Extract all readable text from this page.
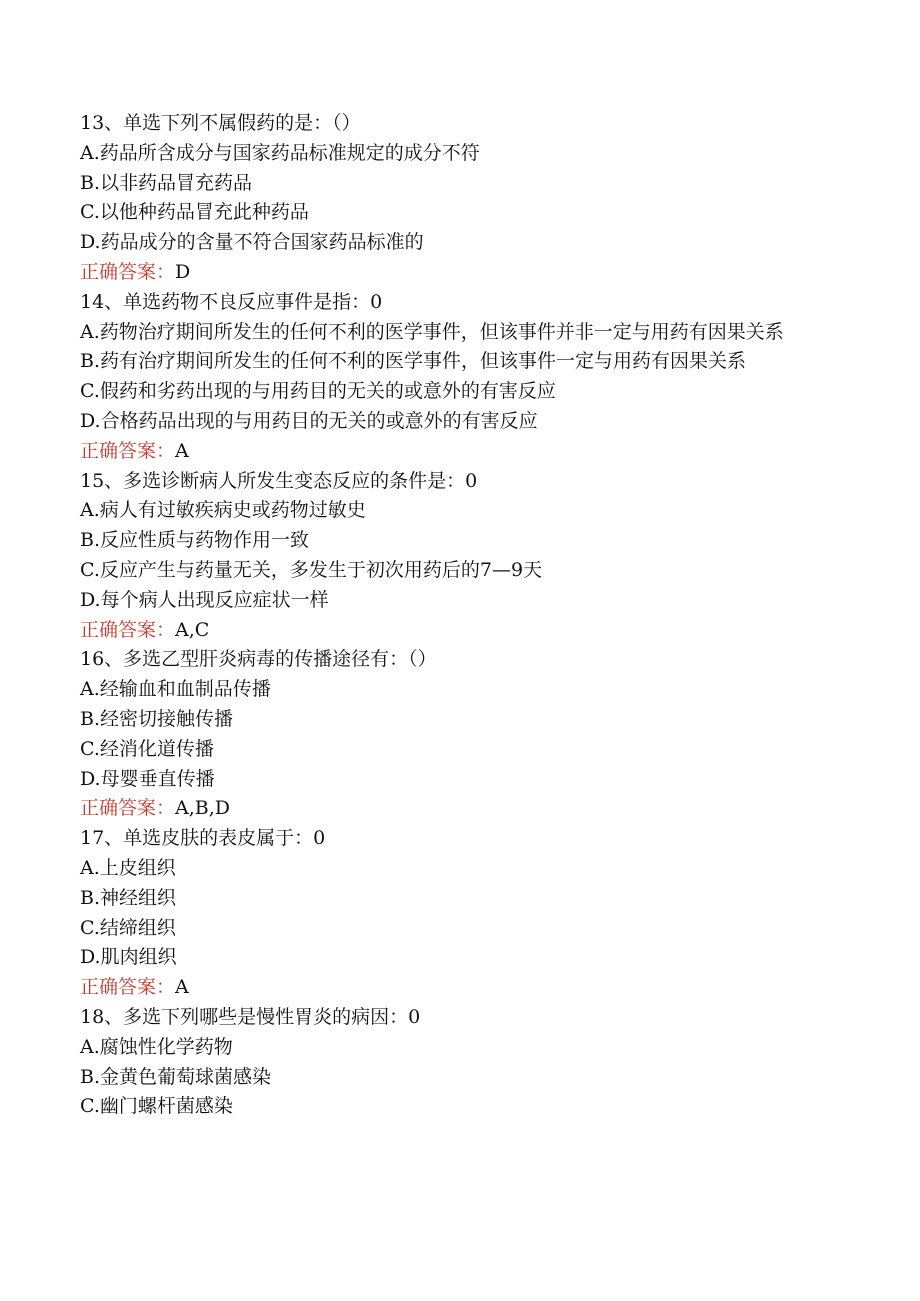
13、单选下列不属假药的是：（）
A.药品所含成分与国家药品标准规定的成分不符
B.以非药品冒充药品
C.以他种药品冒充此种药品
D.药品成分的含量不符合国家药品标准的
正确答案：D
14、单选药物不良反应事件是指：0
A.药物治疗期间所发生的任何不利的医学事件，但该事件并非一定与用药有因果关系
B.药有治疗期间所发生的任何不利的医学事件，但该事件一定与用药有因果关系
C.假药和劣药出现的与用药目的无关的或意外的有害反应
D.合格药品出现的与用药目的无关的或意外的有害反应
正确答案：A
15、多选诊断病人所发生变态反应的条件是：0
A.病人有过敏疾病史或药物过敏史
B.反应性质与药物作用一致
C.反应产生与药量无关，多发生于初次用药后的7—9天
D.每个病人出现反应症状一样
正确答案：A,C
16、多选乙型肝炎病毒的传播途径有：（）
A.经输血和血制品传播
B.经密切接触传播
C.经消化道传播
D.母婴垂直传播
正确答案：A,B,D
17、单选皮肤的表皮属于：0
A.上皮组织
B.神经组织
C.结缔组织
D.肌肉组织
正确答案：A
18、多选下列哪些是慢性胃炎的病因：0
A.腐蚀性化学药物
B.金黄色葡萄球菌感染
C.幽门螺杆菌感染
